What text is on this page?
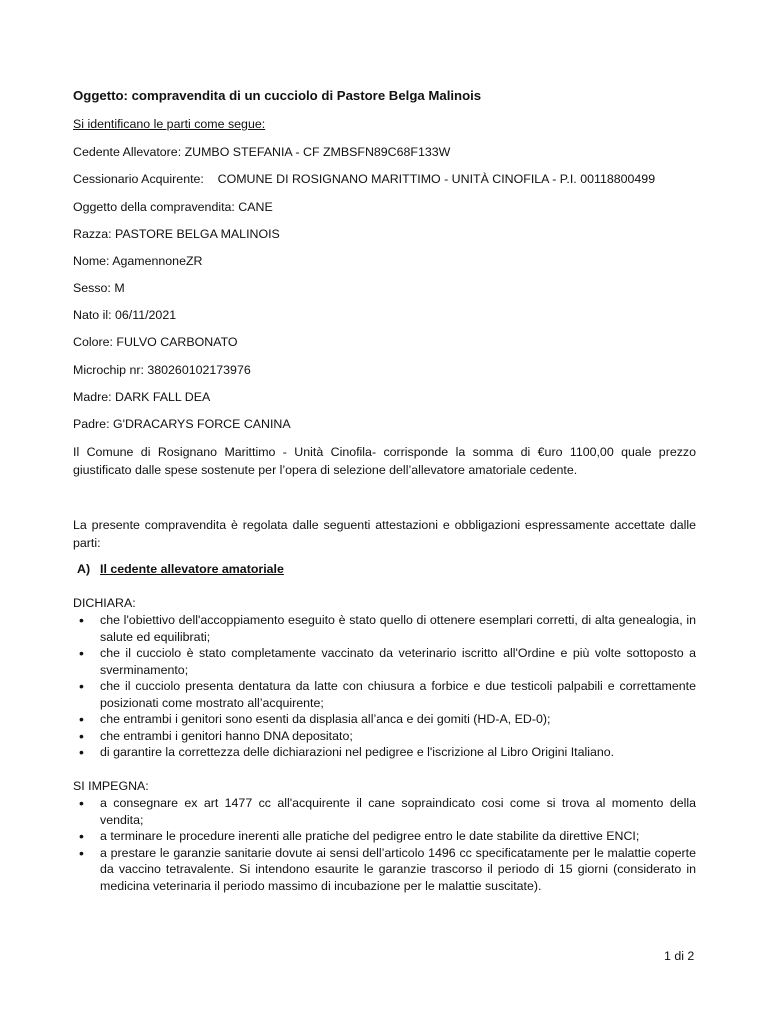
Oggetto: compravendita di un cucciolo di Pastore Belga Malinois
Si identificano le parti come segue:
Cedente Allevatore: ZUMBO STEFANIA - CF ZMBSFN89C68F133W
Cessionario Acquirente:    COMUNE DI ROSIGNANO MARITTIMO - UNITÀ CINOFILA - P.I. 00118800499
Oggetto della compravendita: CANE
Razza: PASTORE BELGA MALINOIS
Nome: AgamennoneZR
Sesso: M
Nato il: 06/11/2021
Colore: FULVO CARBONATO
Microchip nr: 380260102173976
Madre: DARK FALL DEA
Padre: G'DRACARYS FORCE CANINA
Il Comune di Rosignano Marittimo - Unità Cinofila- corrisponde la somma di €uro 1100,00 quale prezzo giustificato dalle spese sostenute per l’opera di selezione dell’allevatore amatoriale cedente.
La presente compravendita è regolata dalle seguenti attestazioni e obbligazioni espressamente accettate dalle parti:
A) Il cedente allevatore amatoriale
DICHIARA:
• che l'obiettivo dell'accoppiamento eseguito è stato quello di ottenere esemplari corretti, di alta genealogia, in salute ed equilibrati;
• che il cucciolo è stato completamente vaccinato da veterinario iscritto all'Ordine e più volte sottoposto a sverminamento;
• che il cucciolo presenta dentatura da latte con chiusura a forbice e due testicoli palpabili e correttamente posizionati come mostrato all’acquirente;
• che entrambi i genitori sono esenti da displasia all’anca e dei gomiti (HD-A, ED-0);
• che entrambi i genitori hanno DNA depositato;
• di garantire la correttezza delle dichiarazioni nel pedigree e l'iscrizione al Libro Origini Italiano.
SI IMPEGNA:
• a consegnare ex art 1477 cc all'acquirente il cane sopraindicato cosi come si trova al momento della vendita;
• a terminare le procedure inerenti alle pratiche del pedigree entro le date stabilite da direttive ENCI;
• a prestare le garanzie sanitarie dovute ai sensi dell’articolo 1496 cc specificatamente per le malattie coperte da vaccino tetravalente. Si intendono esaurite le garanzie trascorso il periodo di 15 giorni (considerato in medicina veterinaria il periodo massimo di incubazione per le malattie suscitate).
1 di 2
